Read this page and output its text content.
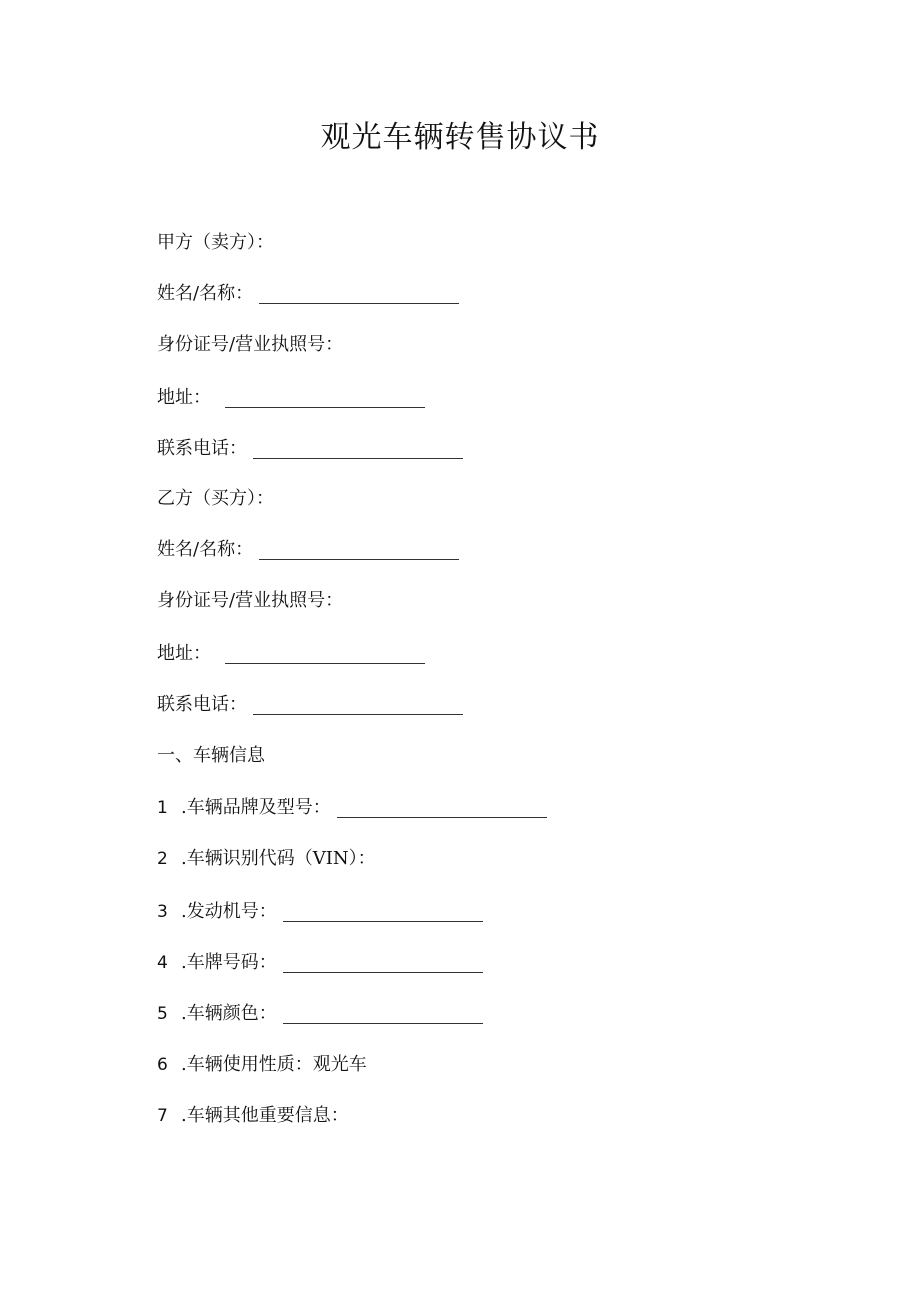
观光车辆转售协议书
甲方（卖方）：
姓名/名称：
身份证号/营业执照号：
地址：
联系电话：
乙方（买方）：
姓名/名称：
身份证号/营业执照号：
地址：
联系电话：
一、车辆信息
1 .车辆品牌及型号：
2 .车辆识别代码（VIN）：
3 .发动机号：
4 .车牌号码：
5 .车辆颜色：
6 .车辆使用性质：观光车
7 .车辆其他重要信息：
